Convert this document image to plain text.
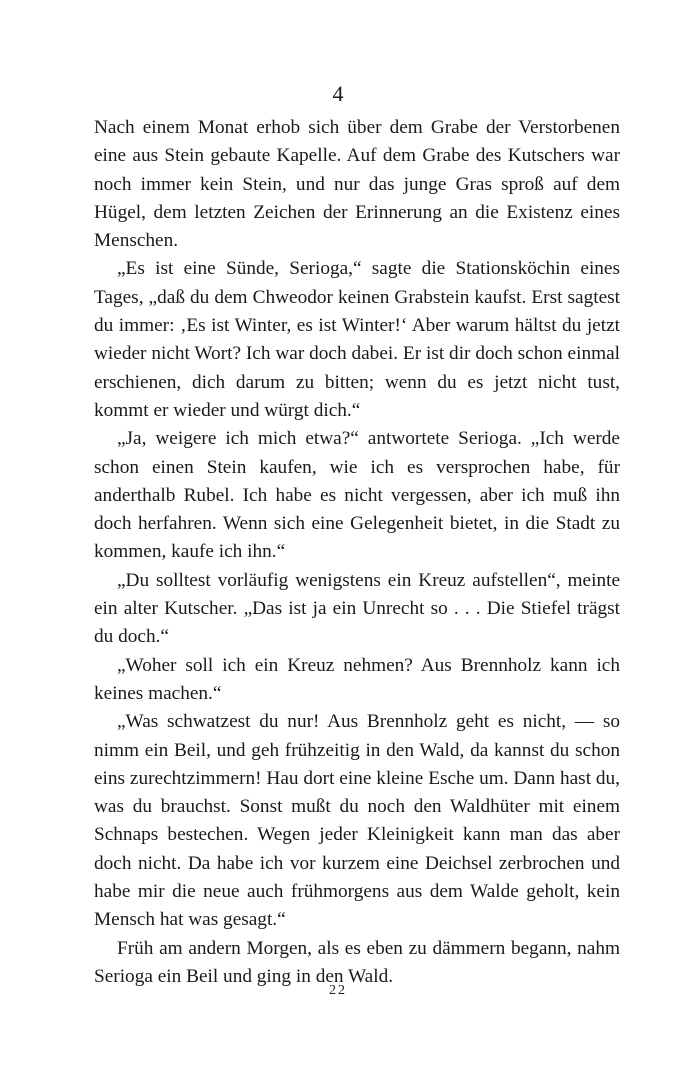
4

Nach einem Monat erhob sich über dem Grabe der Verstorbenen eine aus Stein gebaute Kapelle. Auf dem Grabe des Kutschers war noch immer kein Stein, und nur das junge Gras sproß auf dem Hügel, dem letzten Zeichen der Erinnerung an die Existenz eines Menschen.

„Es ist eine Sünde, Serioga,“ sagte die Stationsköchin eines Tages, „daß du dem Chweodor keinen Grabstein kaufst. Erst sagtest du immer: ‚Es ist Winter, es ist Winter!‘ Aber warum hältst du jetzt wieder nicht Wort? Ich war doch dabei. Er ist dir doch schon einmal erschienen, dich darum zu bitten; wenn du es jetzt nicht tust, kommt er wieder und würgt dich.“

„Ja, weigere ich mich etwa?“ antwortete Serioga. „Ich werde schon einen Stein kaufen, wie ich es versprochen habe, für anderthalb Rubel. Ich habe es nicht vergessen, aber ich muß ihn doch herfahren. Wenn sich eine Gelegenheit bietet, in die Stadt zu kommen, kaufe ich ihn.“

„Du solltest vorläufig wenigstens ein Kreuz aufstellen“, meinte ein alter Kutscher. „Das ist ja ein Unrecht so . . . Die Stiefel trägst du doch.“

„Woher soll ich ein Kreuz nehmen? Aus Brennholz kann ich keines machen.“

„Was schwatzest du nur! Aus Brennholz geht es nicht, — so nimm ein Beil, und geh frühzeitig in den Wald, da kannst du schon eins zurechtzimmern! Hau dort eine kleine Esche um. Dann hast du, was du brauchst. Sonst mußt du noch den Waldhüter mit einem Schnaps bestechen. Wegen jeder Kleinigkeit kann man das aber doch nicht. Da habe ich vor kurzem eine Deichsel zerbrochen und habe mir die neue auch frühmorgens aus dem Walde geholt, kein Mensch hat was gesagt.“

Früh am andern Morgen, als es eben zu dämmern begann, nahm Serioga ein Beil und ging in den Wald.

22
